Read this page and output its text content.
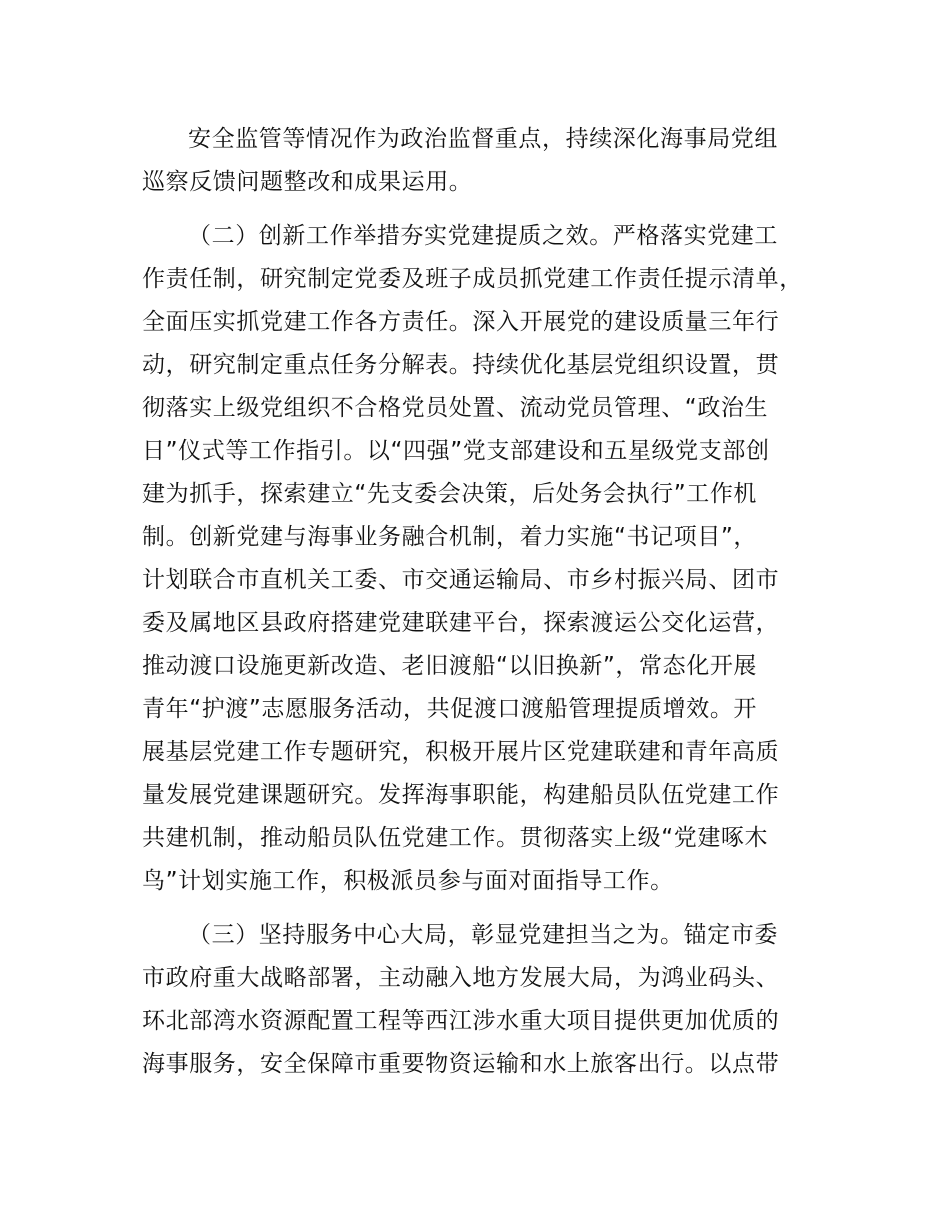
安全监管等情况作为政治监督重点，持续深化海事局党组
巡察反馈问题整改和成果运用。
（二）创新工作举措夯实党建提质之效。严格落实党建工
作责任制，研究制定党委及班子成员抓党建工作责任提示清单，
全面压实抓党建工作各方责任。深入开展党的建设质量三年行
动，研究制定重点任务分解表。持续优化基层党组织设置，贯
彻落实上级党组织不合格党员处置、流动党员管理、“政治生
日”仪式等工作指引。以“四强”党支部建设和五星级党支部创
建为抓手，探索建立“先支委会决策，后处务会执行”工作机
制。创新党建与海事业务融合机制，着力实施“书记项目”，
计划联合市直机关工委、市交通运输局、市乡村振兴局、团市
委及属地区县政府搭建党建联建平台，探索渡运公交化运营，
推动渡口设施更新改造、老旧渡船“以旧换新”，常态化开展
青年“护渡”志愿服务活动，共促渡口渡船管理提质增效。开
展基层党建工作专题研究，积极开展片区党建联建和青年高质
量发展党建课题研究。发挥海事职能，构建船员队伍党建工作
共建机制，推动船员队伍党建工作。贯彻落实上级“党建啄木
鸟”计划实施工作，积极派员参与面对面指导工作。
（三）坚持服务中心大局，彰显党建担当之为。锚定市委
市政府重大战略部署，主动融入地方发展大局，为鸿业码头、
环北部湾水资源配置工程等西江涉水重大项目提供更加优质的
海事服务，安全保障市重要物资运输和水上旅客出行。以点带
